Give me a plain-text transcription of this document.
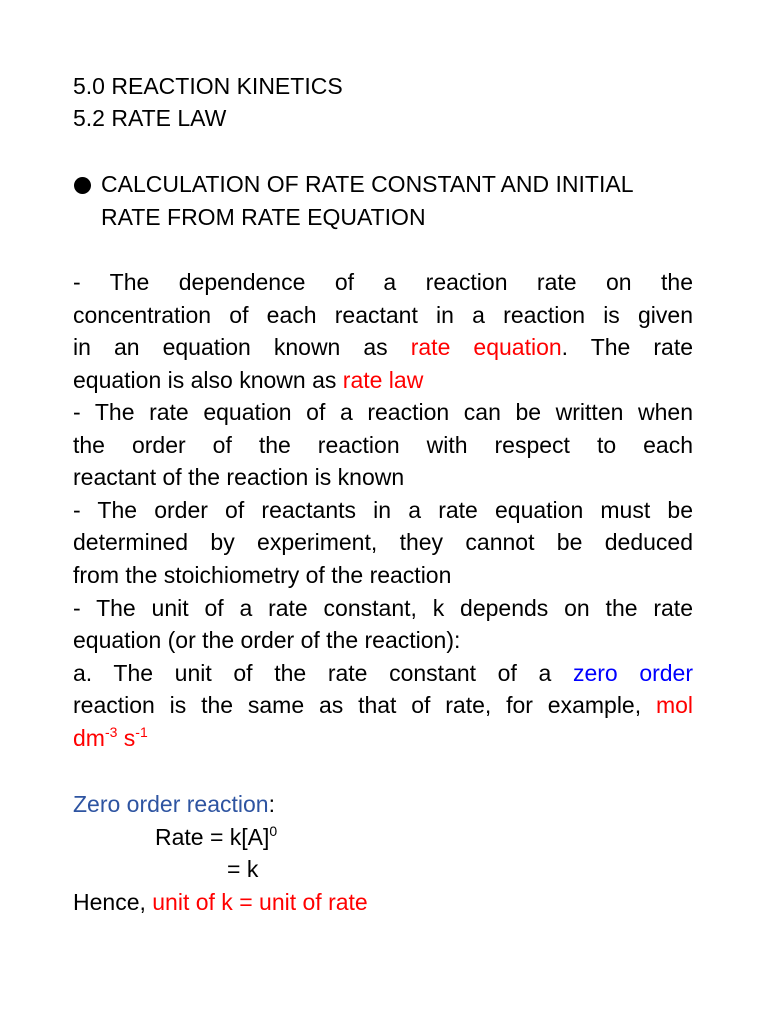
5.0 REACTION KINETICS
5.2 RATE LAW
CALCULATION OF RATE CONSTANT AND INITIAL
RATE FROM RATE EQUATION
- The dependence of a reaction rate on the
concentration of each reactant in a reaction is given
in an equation known as rate equation. The rate
equation is also known as rate law
- The rate equation of a reaction can be written when
the order of the reaction with respect to each
reactant of the reaction is known
- The order of reactants in a rate equation must be
determined by experiment, they cannot be deduced
from the stoichiometry of the reaction
- The unit of a rate constant, k depends on the rate
equation (or the order of the reaction):
a. The unit of the rate constant of a zero order
reaction is the same as that of rate, for example, mol
$dm^{-3}$ $s^{-1}$
Zero order reaction:
Rate = $k[A]^0$
= k
Hence, unit of k = unit of rate
